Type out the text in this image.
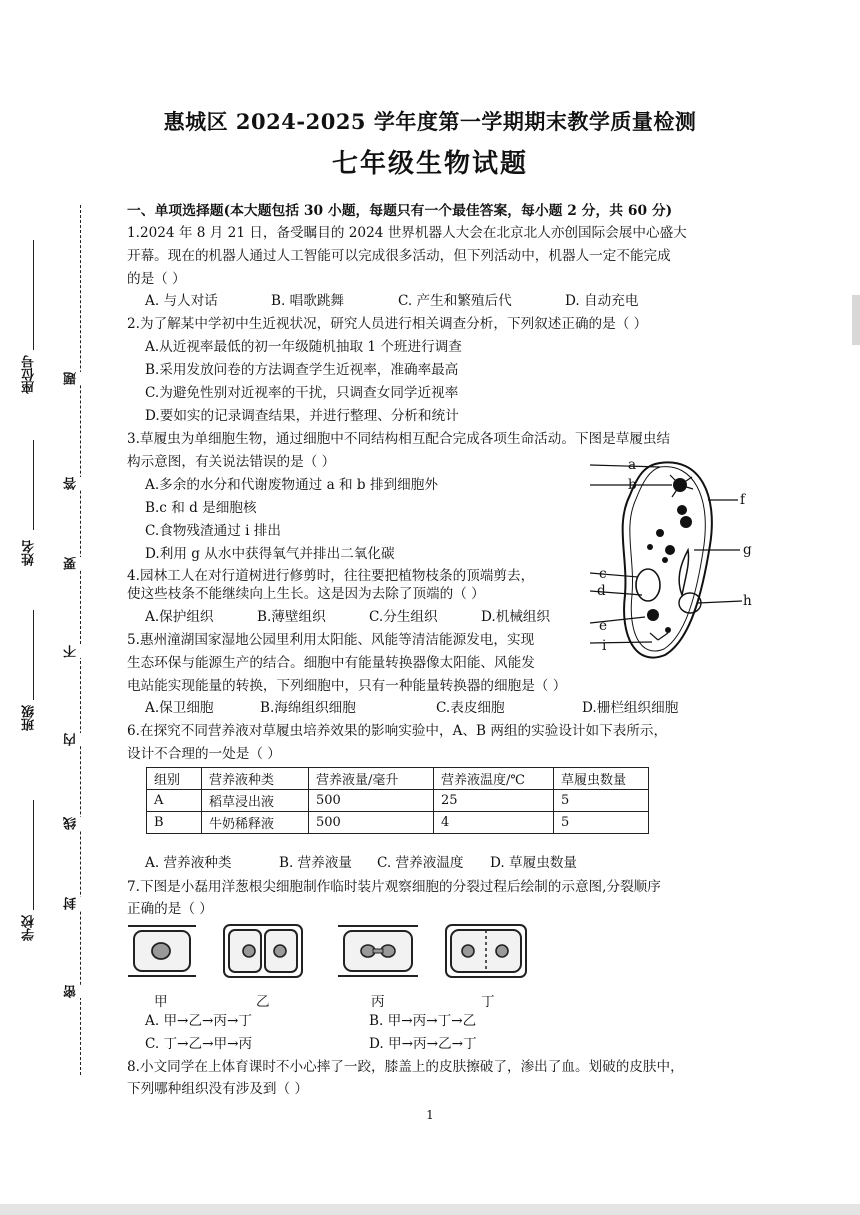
惠城区 2024-2025 学年度第一学期期末教学质量检测
七年级生物试题
题
答
要
不
内
线
封
密
座位号
姓名
班级
学校
一、单项选择题(本大题包括 30 小题，每题只有一个最佳答案，每小题 2 分，共 60 分)
1.2024 年 8 月 21 日，备受瞩目的 2024 世界机器人大会在北京北人亦创国际会展中心盛大
开幕。现在的机器人通过人工智能可以完成很多活动，但下列活动中，机器人一定不能完成
的是（ ）
A. 与人对话	B. 唱歌跳舞	C. 产生和繁殖后代	D. 自动充电
2.为了解某中学初中生近视状况，研究人员进行相关调查分析，下列叙述正确的是（ ）
A.从近视率最低的初一年级随机抽取 1 个班进行调查
B.采用发放问卷的方法调查学生近视率，准确率最高
C.为避免性别对近视率的干扰，只调查女同学近视率
D.要如实的记录调查结果，并进行整理、分析和统计
3.草履虫为单细胞生物，通过细胞中不同结构相互配合完成各项生命活动。下图是草履虫结
构示意图，有关说法错误的是（ ）
A.多余的水分和代谢废物通过 a 和 b 排到细胞外
B.c 和 d 是细胞核
C.食物残渣通过 i 排出
D.利用 g 从水中获得氧气并排出二氧化碳
a
b
f
g
c
d
h
e
i
4.园林工人在对行道树进行修剪时，往往要把植物枝条的顶端剪去，
使这些枝条不能继续向上生长。这是因为去除了顶端的（ ）
A.保护组织	B.薄壁组织	C.分生组织	D.机械组织
5.惠州潼湖国家湿地公园里利用太阳能、风能等清洁能源发电，实现
生态环保与能源生产的结合。细胞中有能量转换器像太阳能、风能发
电站能实现能量的转换，下列细胞中，只有一种能量转换器的细胞是（ ）
A.保卫细胞	B.海绵组织细胞	C.表皮细胞	D.栅栏组织细胞
6.在探究不同营养液对草履虫培养效果的影响实验中，A、B 两组的实验设计如下表所示，
设计不合理的一处是（ ）
组别	营养液种类	营养液量/毫升	营养液温度/℃	草履虫数量
A	稻草浸出液	500	25	5
B	牛奶稀释液	500	4	5
A. 营养液种类	B. 营养液量 C. 营养液温度 D. 草履虫数量
7.下图是小磊用洋葱根尖细胞制作临时装片观察细胞的分裂过程后绘制的示意图,分裂顺序
正确的是（ ）
甲	乙	丙	丁
A. 甲→乙→丙→丁	B. 甲→丙→丁→乙
C. 丁→乙→甲→丙	D. 甲→丙→乙→丁
8.小文同学在上体育课时不小心摔了一跤，膝盖上的皮肤擦破了，渗出了血。划破的皮肤中，
下列哪种组织没有涉及到（ ）
1
